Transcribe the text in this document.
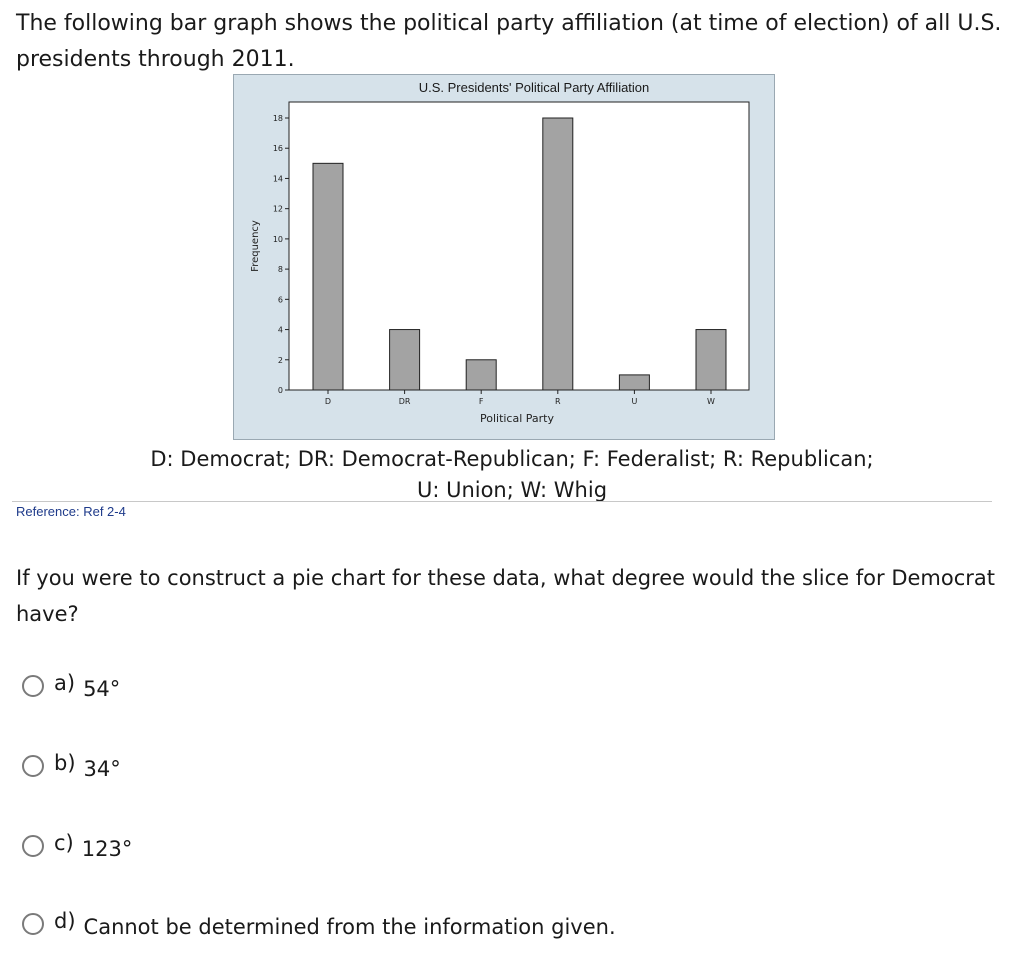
The following bar graph shows the political party affiliation (at time of election) of all U.S. presidents through 2011.

U.S. Presidents' Political Party Affiliation
0
2
4
6
8
10
12
14
16
18
Frequency
D	DR	F	R	U	W
Political Party

D: Democrat; DR: Democrat-Republican; F: Federalist; R: Republican;
U: Union; W: Whig

Reference: Ref 2-4

If you were to construct a pie chart for these data, what degree would the slice for Democrat have?

a) 54°
b) 34°
c) 123°
d) Cannot be determined from the information given.
